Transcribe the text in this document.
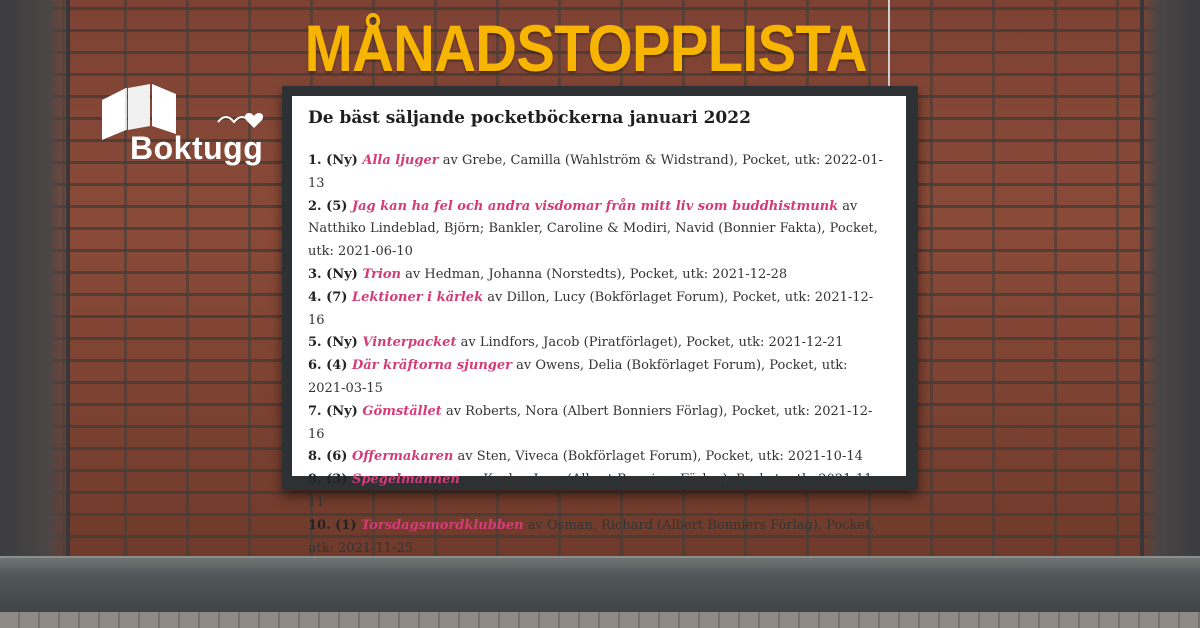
MÅNADSTOPPLISTA
Boktugg
De bäst säljande pocketböckerna januari 2022

1. (Ny) Alla ljuger av Grebe, Camilla (Wahlström & Widstrand), Pocket, utk: 2022-01-13

2. (5) Jag kan ha fel och andra visdomar från mitt liv som buddhistmunk av Natthiko Lindeblad, Björn; Bankler, Caroline & Modiri, Navid (Bonnier Fakta), Pocket, utk: 2021-06-10

3. (Ny) Trion av Hedman, Johanna (Norstedts), Pocket, utk: 2021-12-28

4. (7) Lektioner i kärlek av Dillon, Lucy (Bokförlaget Forum), Pocket, utk: 2021-12-16

5. (Ny) Vinterpacket av Lindfors, Jacob (Piratförlaget), Pocket, utk: 2021-12-21

6. (4) Där kräftorna sjunger av Owens, Delia (Bokförlaget Forum), Pocket, utk: 2021-03-15

7. (Ny) Gömstället av Roberts, Nora (Albert Bonniers Förlag), Pocket, utk: 2021-12-16

8. (6) Offermakaren av Sten, Viveca (Bokförlaget Forum), Pocket, utk: 2021-10-14

9. (3) Spegelmannen av Kepler, Lars (Albert Bonniers Förlag), Pocket, utk: 2021-11-11

10. (1) Torsdagsmordklubben av Osman, Richard (Albert Bonniers Förlag), Pocket, utk: 2021-11-25
